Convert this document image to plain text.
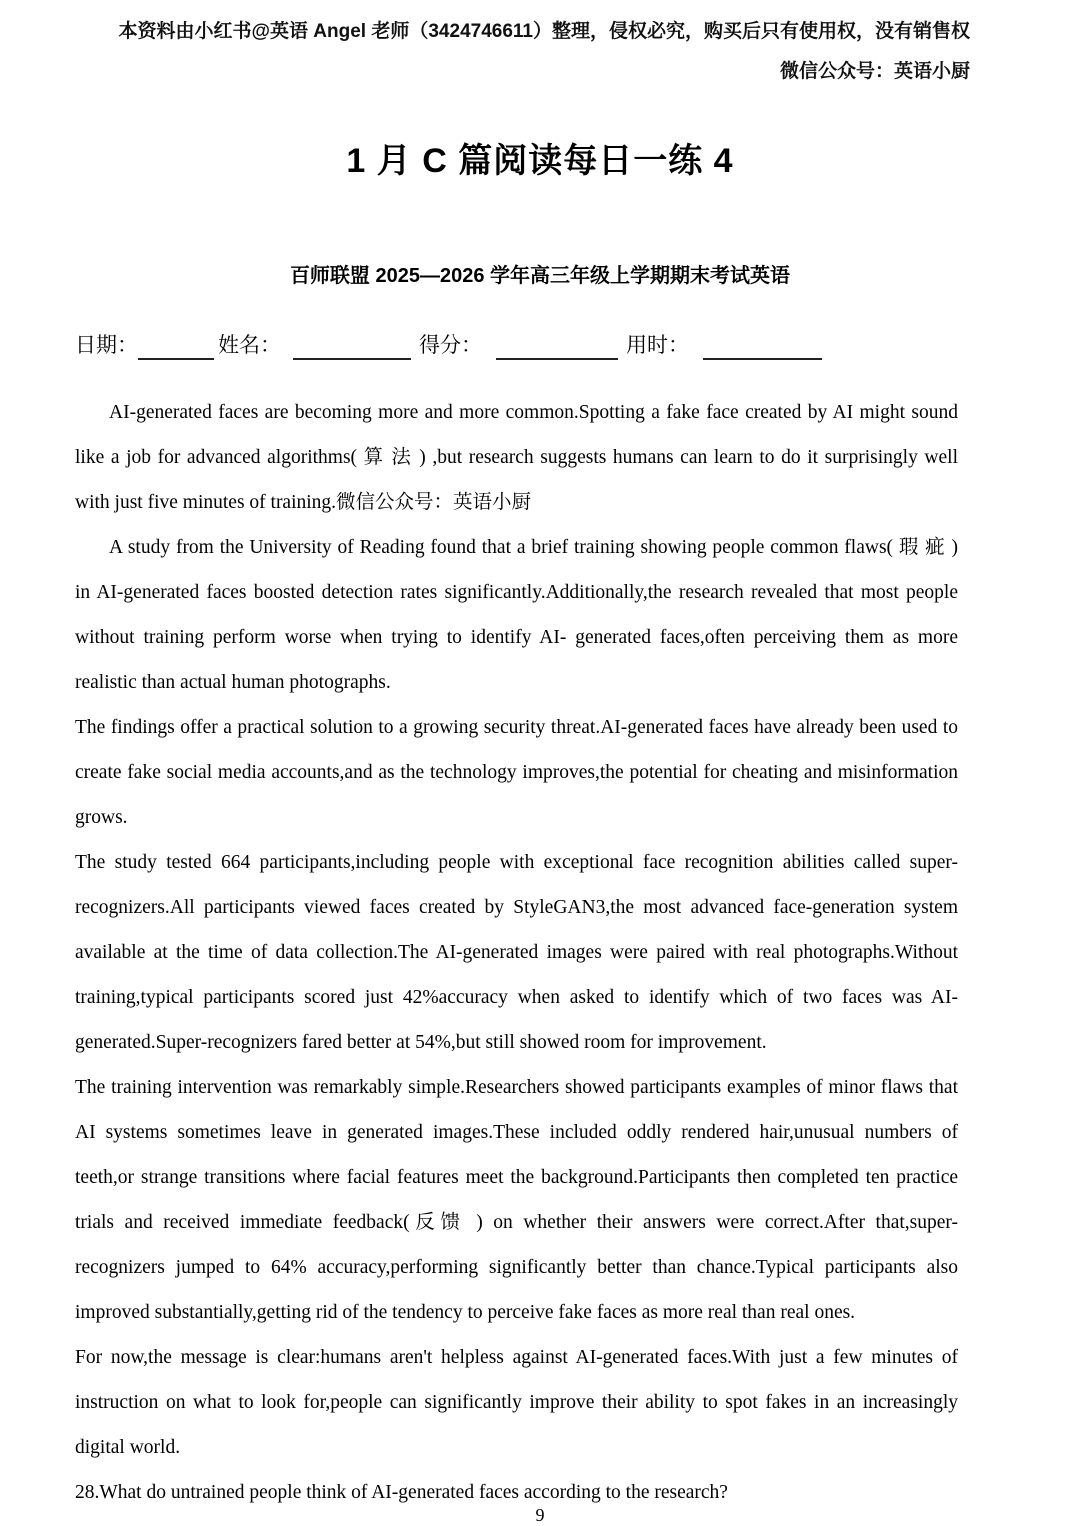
本资料由小红书@英语 Angel 老师（3424746611）整理，侵权必究，购买后只有使用权，没有销售权
微信公众号：英语小厨
1 月 C 篇阅读每日一练 4
百师联盟 2025—2026 学年高三年级上学期期末考试英语
日期：	姓名：	得分：	用时：

AI-generated faces are becoming more and more common.Spotting a fake face created by AI might sound like a job for advanced algorithms( 算 法 ) ,but research suggests humans can learn to do it surprisingly well with just five minutes of training.微信公众号：英语小厨

A study from the University of Reading found that a brief training showing people common flaws( 瑕 疵 ) in AI-generated faces boosted detection rates significantly.Additionally,the research revealed that most people without training perform worse when trying to identify AI- generated faces,often perceiving them as more realistic than actual human photographs.

The findings offer a practical solution to a growing security threat.AI-generated faces have already been used to create fake social media accounts,and as the technology improves,the potential for cheating and misinformation grows.

The study tested 664 participants,including people with exceptional face recognition abilities called super-recognizers.All participants viewed faces created by StyleGAN3,the most advanced face-generation system available at the time of data collection.The AI-generated images were paired with real photographs.Without training,typical participants scored just 42%accuracy when asked to identify which of two faces was AI-generated.Super-recognizers fared better at 54%,but still showed room for improvement.

The training intervention was remarkably simple.Researchers showed participants examples of minor flaws that AI systems sometimes leave in generated images.These included oddly rendered hair,unusual numbers of teeth,or strange transitions where facial features meet the background.Participants then completed ten practice trials and received immediate feedback(反馈 ) on whether their answers were correct.After that,super-recognizers jumped to 64% accuracy,performing significantly better than chance.Typical participants also improved substantially,getting rid of the tendency to perceive fake faces as more real than real ones.

For now,the message is clear:humans aren't helpless against AI-generated faces.With just a few minutes of instruction on what to look for,people can significantly improve their ability to spot fakes in an increasingly digital world.

28.What do untrained people think of AI-generated faces according to the research?
9
